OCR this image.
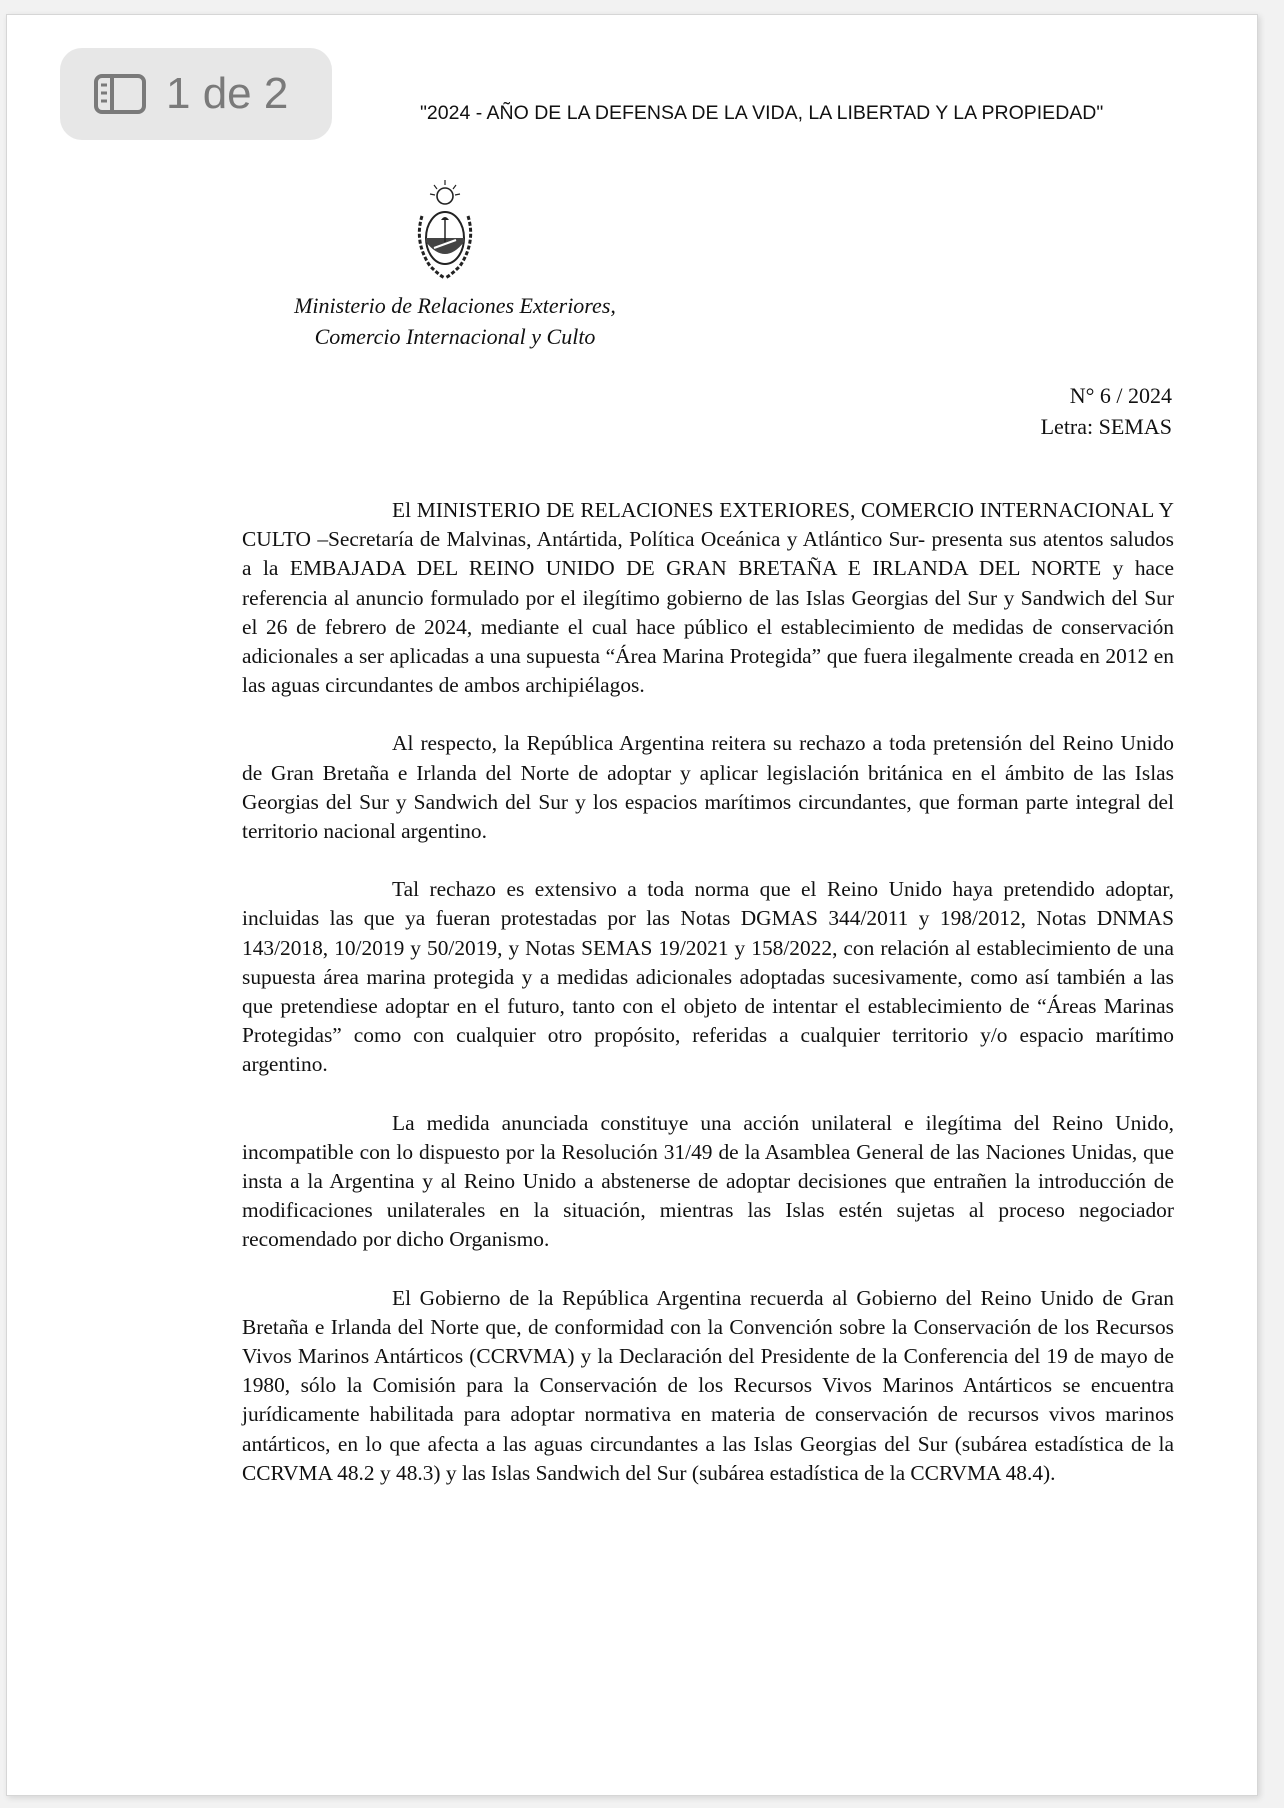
1 de 2	"2024 - AÑO DE LA DEFENSA DE LA VIDA, LA LIBERTAD Y LA PROPIEDAD"
Ministerio de Relaciones Exteriores,
Comercio Internacional y Culto
N° 6 / 2024
Letra: SEMAS

El MINISTERIO DE RELACIONES EXTERIORES, COMERCIO INTERNACIONAL Y CULTO –Secretaría de Malvinas, Antártida, Política Oceánica y Atlántico Sur- presenta sus atentos saludos a la EMBAJADA DEL REINO UNIDO DE GRAN BRETAÑA E IRLANDA DEL NORTE y hace referencia al anuncio formulado por el ilegítimo gobierno de las Islas Georgias del Sur y Sandwich del Sur el 26 de febrero de 2024, mediante el cual hace público el establecimiento de medidas de conservación adicionales a ser aplicadas a una supuesta “Área Marina Protegida” que fuera ilegalmente creada en 2012 en las aguas circundantes de ambos archipiélagos.

Al respecto, la República Argentina reitera su rechazo a toda pretensión del Reino Unido de Gran Bretaña e Irlanda del Norte de adoptar y aplicar legislación británica en el ámbito de las Islas Georgias del Sur y Sandwich del Sur y los espacios marítimos circundantes, que forman parte integral del territorio nacional argentino.

Tal rechazo es extensivo a toda norma que el Reino Unido haya pretendido adoptar, incluidas las que ya fueran protestadas por las Notas DGMAS 344/2011 y 198/2012, Notas DNMAS 143/2018, 10/2019 y 50/2019, y Notas SEMAS 19/2021 y 158/2022, con relación al establecimiento de una supuesta área marina protegida y a medidas adicionales adoptadas sucesivamente, como así también a las que pretendiese adoptar en el futuro, tanto con el objeto de intentar el establecimiento de “Áreas Marinas Protegidas” como con cualquier otro propósito, referidas a cualquier territorio y/o espacio marítimo argentino.

La medida anunciada constituye una acción unilateral e ilegítima del Reino Unido, incompatible con lo dispuesto por la Resolución 31/49 de la Asamblea General de las Naciones Unidas, que insta a la Argentina y al Reino Unido a abstenerse de adoptar decisiones que entrañen la introducción de modificaciones unilaterales en la situación, mientras las Islas estén sujetas al proceso negociador recomendado por dicho Organismo.

El Gobierno de la República Argentina recuerda al Gobierno del Reino Unido de Gran Bretaña e Irlanda del Norte que, de conformidad con la Convención sobre la Conservación de los Recursos Vivos Marinos Antárticos (CCRVMA) y la Declaración del Presidente de la Conferencia del 19 de mayo de 1980, sólo la Comisión para la Conservación de los Recursos Vivos Marinos Antárticos se encuentra jurídicamente habilitada para adoptar normativa en materia de conservación de recursos vivos marinos antárticos, en lo que afecta a las aguas circundantes a las Islas Georgias del Sur (subárea estadística de la CCRVMA 48.2 y 48.3) y las Islas Sandwich del Sur (subárea estadística de la CCRVMA 48.4).
